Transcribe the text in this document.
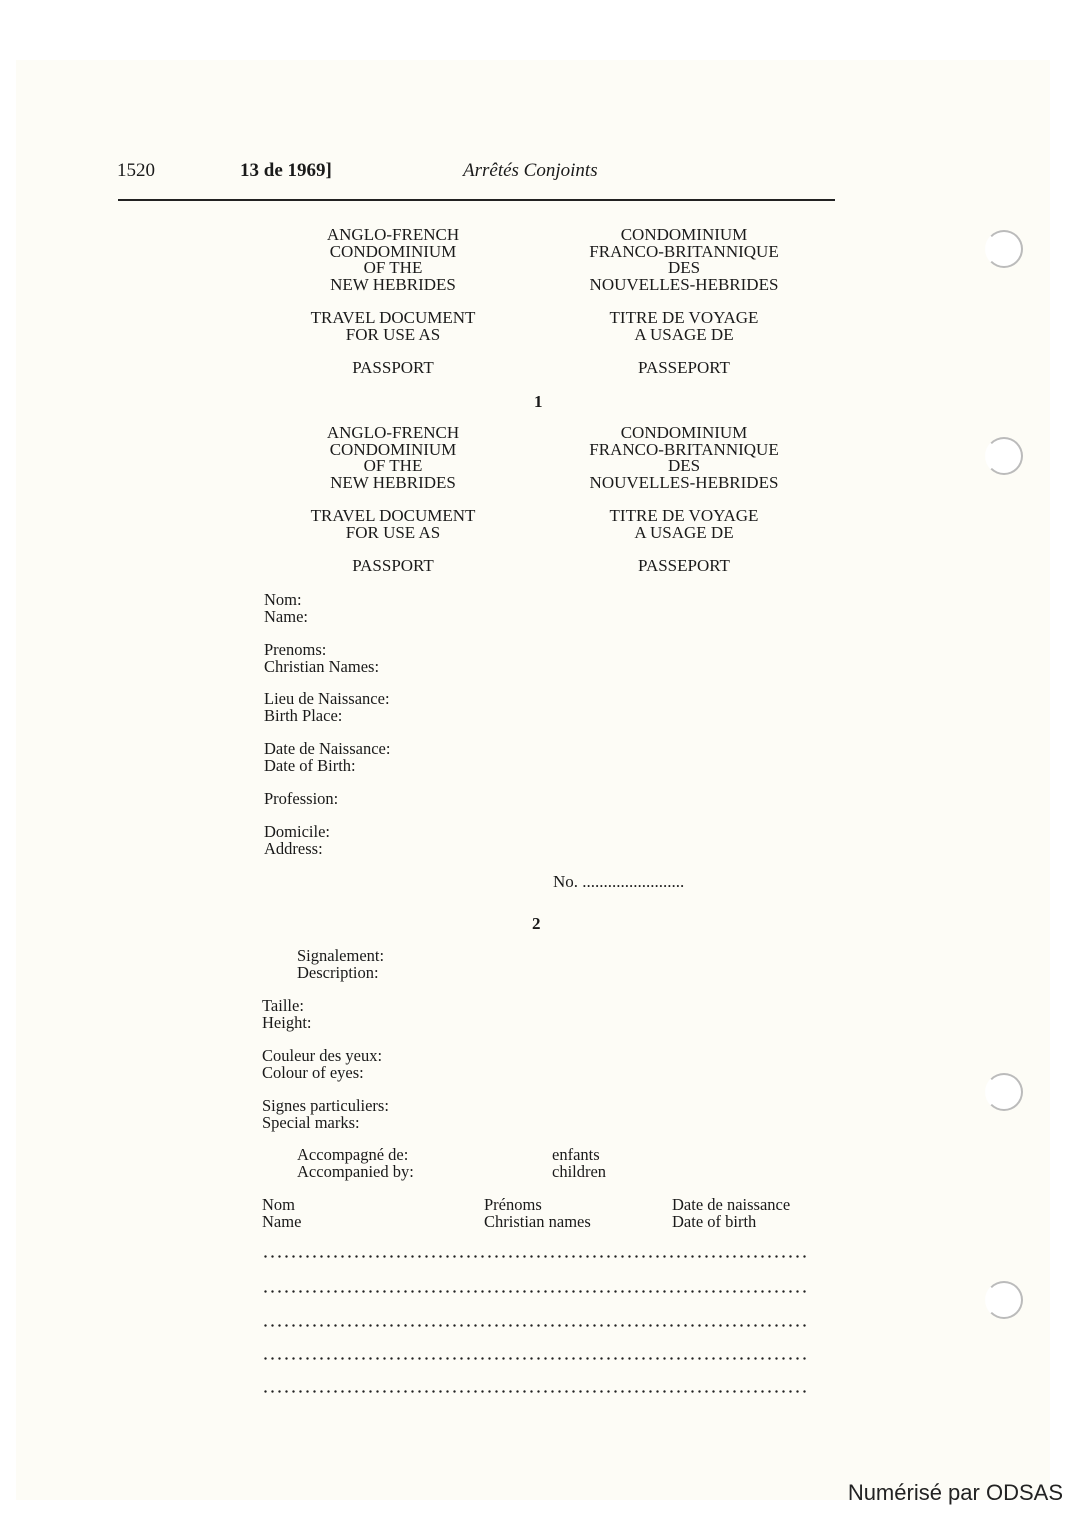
1520	13 de 1969]	Arrêtés Conjoints
ANGLO-FRENCH
CONDOMINIUM
OF THE
NEW HEBRIDES
TRAVEL DOCUMENT
FOR USE AS
PASSPORT
CONDOMINIUM
FRANCO-BRITANNIQUE
DES
NOUVELLES-HEBRIDES
TITRE DE VOYAGE
A USAGE DE
PASSEPORT
1
ANGLO-FRENCH
CONDOMINIUM
OF THE
NEW HEBRIDES
TRAVEL DOCUMENT
FOR USE AS
PASSPORT
CONDOMINIUM
FRANCO-BRITANNIQUE
DES
NOUVELLES-HEBRIDES
TITRE DE VOYAGE
A USAGE DE
PASSEPORT
Nom:
Name:
Prenoms:
Christian Names:
Lieu de Naissance:
Birth Place:
Date de Naissance:
Date of Birth:
Profession:
Domicile:
Address:
No. ........................
2
Signalement:
Description:
Taille:
Height:
Couleur des yeux:
Colour of eyes:
Signes particuliers:
Special marks:
Accompagné de:
Accompanied by:
enfants
children
Nom
Name
Prénoms
Christian names
Date de naissance
Date of birth
Numérisé par ODSAS
